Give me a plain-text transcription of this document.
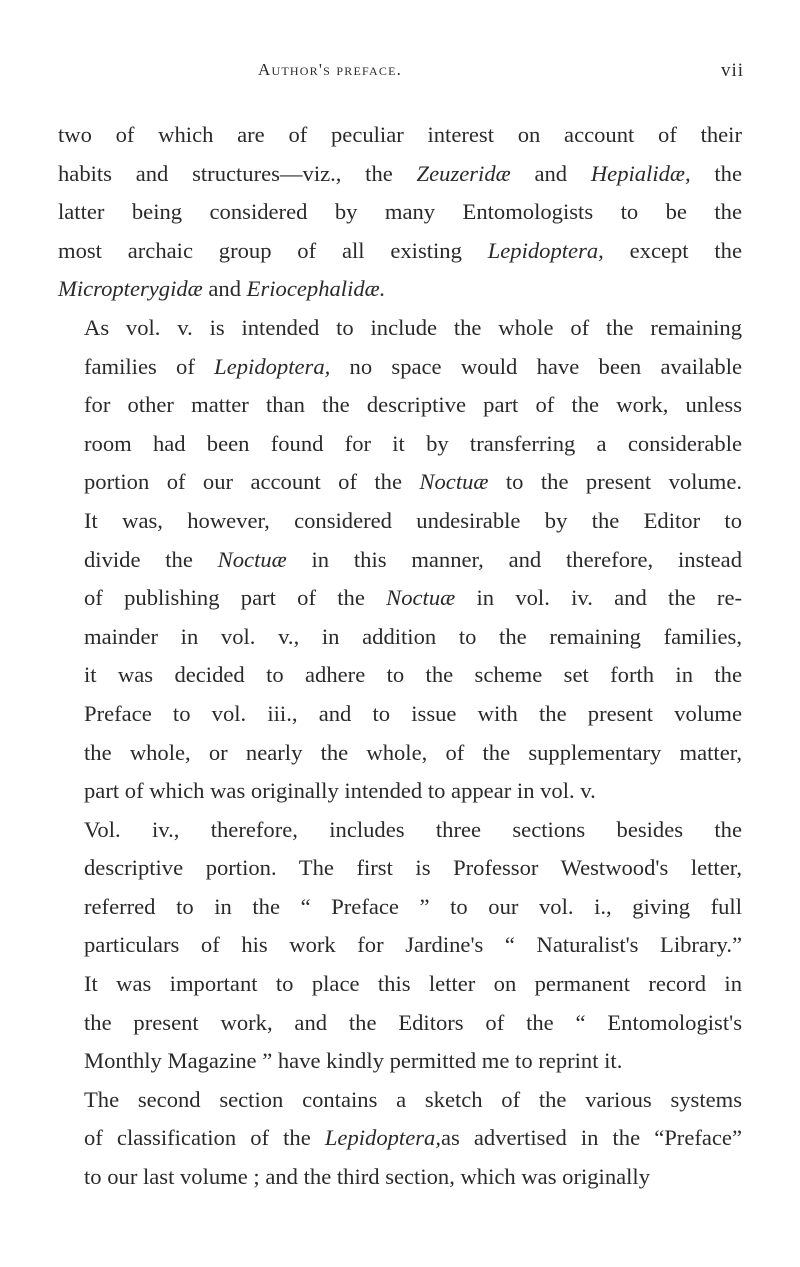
Author's preface.	vii

two of which are of peculiar interest on account of their
habits and structures—viz., the Zeuzeridæ and Hepialidæ, the
latter being considered by many Entomologists to be the
most archaic group of all existing Lepidoptera, except the
Micropterygidæ and Eriocephalidæ.

As vol. v. is intended to include the whole of the remaining
families of Lepidoptera, no space would have been available
for other matter than the descriptive part of the work, unless
room had been found for it by transferring a considerable
portion of our account of the Noctuæ to the present volume.
It was, however, considered undesirable by the Editor to
divide the Noctuæ in this manner, and therefore, instead
of publishing part of the Noctuæ in vol. iv. and the re-
mainder in vol. v., in addition to the remaining families,
it was decided to adhere to the scheme set forth in the
Preface to vol. iii., and to issue with the present volume
the whole, or nearly the whole, of the supplementary matter,
part of which was originally intended to appear in vol. v.

Vol. iv., therefore, includes three sections besides the
descriptive portion. The first is Professor Westwood's letter,
referred to in the “ Preface ” to our vol. i., giving full
particulars of his work for Jardine's “ Naturalist's Library.”
It was important to place this letter on permanent record in
the present work, and the Editors of the “ Entomologist's
Monthly Magazine ” have kindly permitted me to reprint it.

The second section contains a sketch of the various systems
of classification of the Lepidoptera,as advertised in the “Preface”
to our last volume ; and the third section, which was originally
